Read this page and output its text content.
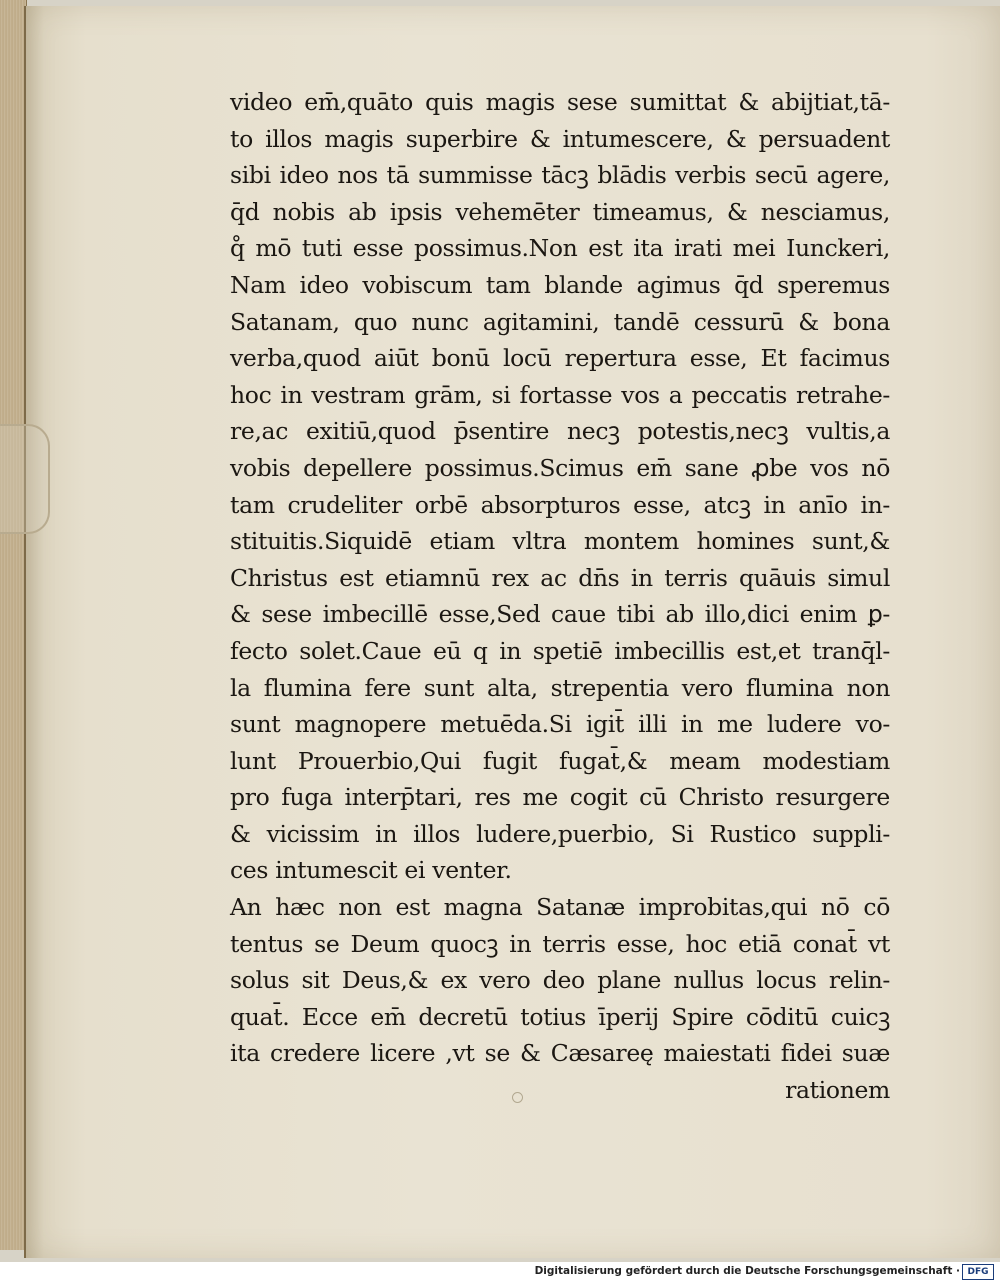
video em̄,quāto quis magis sese sumittat & abijtiat,tā-
to illos magis superbire & intumescere, & persuadent
sibi ideo nos tā summisse tācꝫ blādis verbis secū agere,
q̄d nobis ab ipsis vehemēter timeamus, & nesciamus,
q̊ mō tuti esse possimus.Non est ita irati mei Iunckeri,
Nam ideo vobiscum tam blande agimus q̄d speremus
Satanam, quo nunc agitamini, tandē cessurū & bona
verba,quod aiūt bonū locū repertura esse, Et facimus
hoc in vestram grām, si fortasse vos a peccatis retrahe-
re,ac exitiū,quod p̄sentire necꝫ potestis,necꝫ vultis,a
vobis depellere possimus.Scimus em̄ sane ꝓbe vos nō
tam crudeliter orbē absorpturos esse, atcꝫ in anīo in-
stituitis.Siquidē etiam vltra montem homines sunt,&
Christus est etiamnū rex ac dn̄s in terris quāuis simul
& sese imbecillē esse,Sed caue tibi ab illo,dici enim ꝑ-
fecto solet.Caue eū q in spetiē imbecillis est,et tranq̄l-
la flumina fere sunt alta, strepentia vero flumina non
sunt magnopere metuēda.Si igit̄ illi in me ludere vo-
lunt Prouerbio,Qui fugit fugat̄,& meam modestiam
pro fuga interp̄tari, res me cogit cū Christo resurgere
& vicissim in illos ludere,puerbio, Si Rustico suppli-
ces intumescit ei venter.
An hæc non est magna Satanæ improbitas,qui nō cō
tentus se Deum quocꝫ in terris esse, hoc etiā conat̄ vt
solus sit Deus,& ex vero deo plane nullus locus relin-
quat̄. Ecce em̄ decretū totius īperij Spire cōditū cuicꝫ
ita credere licere ,vt se & Cæsareę maiestati fidei suæ
rationem
Digitalisierung gefördert durch die Deutsche Forschungsgemeinschaft · DFG
